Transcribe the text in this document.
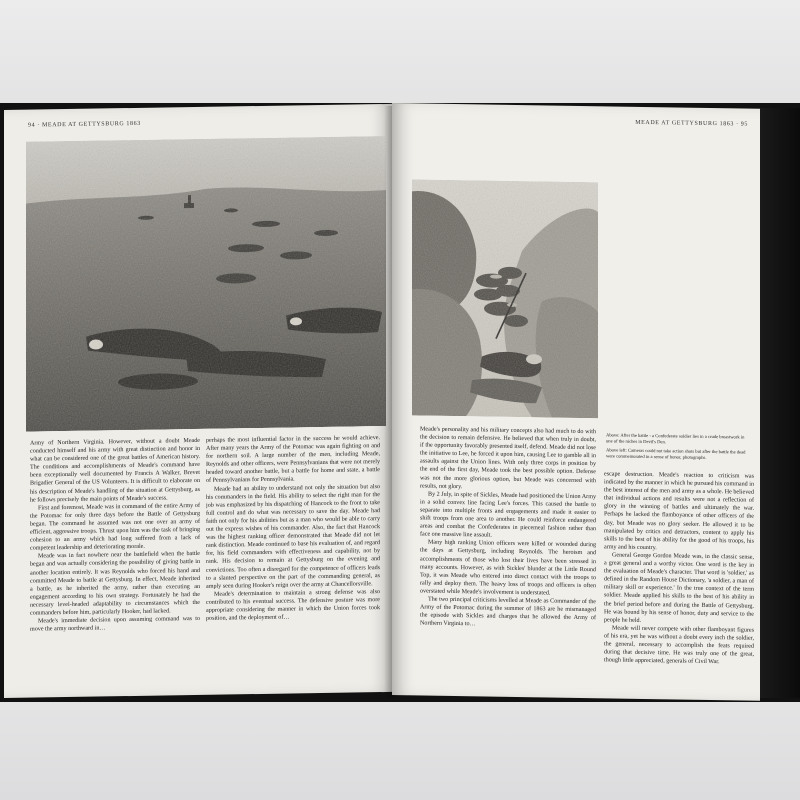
94 · MEADE AT GETTYSBURG 1863

Army of Northern Virginia. However, without a doubt Meade conducted himself and his army with great distinction and honor in what can be considered one of the great battles of American history. The conditions and accomplishments of Meade's command have been exceptionally well documented by Francis A Walker, Brevet Brigadier General of the US Volunteers. It is difficult to elaborate on his description of Meade's handling of the situation at Gettysburg, as he follows precisely the main points of Meade's success.

First and foremost, Meade was in command of the entire Army of the Potomac for only three days before the Battle of Gettysburg began. The command he assumed was not one over an army of efficient, aggressive troops. Thrust upon him was the task of bringing cohesion to an army which had long suffered from a lack of competent leadership and deteriorating morale.

Meade was in fact nowhere near the battlefield when the battle began and was actually considering the possibility of giving battle in another location entirely. It was Reynolds who forced his hand and committed Meade to battle at Gettysburg. In effect, Meade inherited a battle, as he inherited the army, rather than executing an engagement according to his own strategy. Fortunately he had the necessary level-headed adaptability to circumstances which the commanders before him, particularly Hooker, had lacked.

Meade's immediate decision upon assuming command was to move the army northward in…

perhaps the most influential factor in the success he would achieve. After many years the Army of the Potomac was again fighting on and for northern soil. A large number of the men, including Meade, Reynolds and other officers, were Pennsylvanians that were not merely headed toward another battle, but a battle for home and state, a battle of Pennsylvanians for Pennsylvania.

Meade had an ability to understand not only the situation but also his commanders in the field. His ability to select the right man for the job was emphasized by his dispatching of Hancock to the front to take full control and do what was necessary to save the day. Meade had faith not only for his abilities but as a man who would be able to carry out the express wishes of his commander. Also, the fact that Hancock was the highest ranking officer demonstrated that Meade did not let rank distinction. Meade continued to base his evaluation of, and regard for, his field commanders with effectiveness and capability, not by rank. His decision to remain at Gettysburg on the evening and convictions. Too often a disregard for the competence of officers leads to a slanted perspective on the part of the commanding general, as amply seen during Hooker's reign over the army at Chancellorsville.

Meade's determination to maintain a strong defense was also contributed to his eventual success. The defensive posture was more appropriate considering the manner in which the Union forces took position, and the deployment of…

MEADE AT GETTYSBURG 1863 · 95

Above: After the battle - a Confederate soldier lies in a crude breastwork in one of the niches in Devil's Den.

Above left: Cameras could not take action shots but after the battle the dead were commemorated in a sense of honor, photographs.

Meade's personality and his military concepts also had much to do with the decision to remain defensive. He believed that when truly in doubt, if the opportunity favorably presented itself, defend. Meade did not lose the initiative to Lee, he forced it upon him, causing Lee to gamble all in assaults against the Union lines. With only three corps in position by the end of the first day, Meade took the best possible option. Defense was not the more glorious option, but Meade was concerned with results, not glory.

By 2 July, in spite of Sickles, Meade had positioned the Union Army in a solid convex line facing Lee's forces. This caused the battle to separate into multiple fronts and engagements and made it easier to shift troops from one area to another. He could reinforce endangered areas and combat the Confederates in piecemeal fashion rather than face one massive line assault.

Many high ranking Union officers were killed or wounded during the days at Gettysburg, including Reynolds. The heroism and accomplishments of those who lost their lives have been stressed in many accounts. However, as with Sickles' blunder at the Little Round Top, it was Meade who entered into direct contact with the troops to rally and deploy them. The heavy loss of troops and officers is often overstated while Meade's involvement is understated.

The two principal criticisms levelled at Meade as Commander of the Army of the Potomac during the summer of 1863 are he mismanaged the episode with Sickles and charges that he allowed the Army of Northern Virginia to…

escape destruction. Meade's reaction to criticism was indicated by the manner in which he pursued his command in the best interest of the men and army as a whole. He believed that individual actions and results were not a reflection of glory in the winning of battles and ultimately the war. Perhaps he lacked the flamboyance of other officers of the day, but Meade was no glory seeker. He allowed it to be manipulated by critics and detractors, content to apply his skills to the best of his ability for the good of his troops, his army and his country.

General George Gordon Meade was, in the classic sense, a great general and a worthy victor. One word is the key in the evaluation of Meade's character. That word is 'soldier,' as defined in the Random House Dictionary, 'a soldier, a man of military skill or experience.' In the true context of the term soldier. Meade applied his skills to the best of his ability in the brief period before and during the Battle of Gettysburg. He was bound by his sense of honor, duty and service to the people he held.

Meade will never compete with other flamboyant figures of his era, yet he was without a doubt every inch the soldier, the general, necessary to accomplish the feats required during that decisive time. He was truly one of the great, though little appreciated, generals of Civil War.
